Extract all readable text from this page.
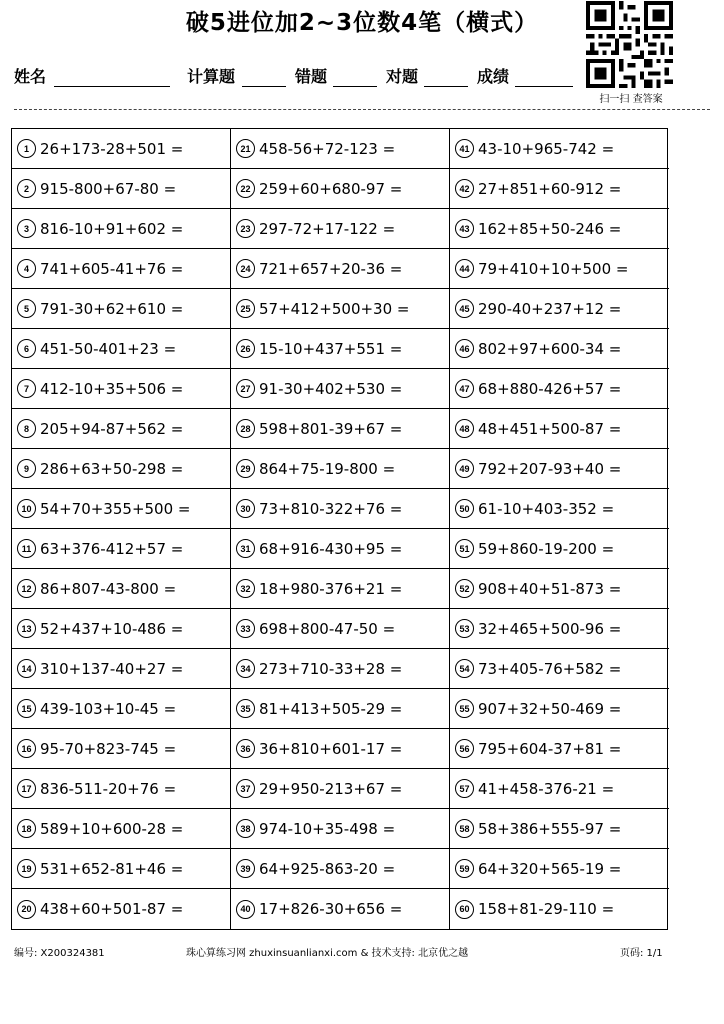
破5进位加2~3位数4笔（横式）
姓名	计算题	错题	对题	成绩
扫一扫 查答案
1 26+173-28+501 =	21 458-56+72-123 =	41 43-10+965-742 =
2 915-800+67-80 =	22 259+60+680-97 =	42 27+851+60-912 =
3 816-10+91+602 =	23 297-72+17-122 =	43 162+85+50-246 =
4 741+605-41+76 =	24 721+657+20-36 =	44 79+410+10+500 =
5 791-30+62+610 =	25 57+412+500+30 =	45 290-40+237+12 =
6 451-50-401+23 =	26 15-10+437+551 =	46 802+97+600-34 =
7 412-10+35+506 =	27 91-30+402+530 =	47 68+880-426+57 =
8 205+94-87+562 =	28 598+801-39+67 =	48 48+451+500-87 =
9 286+63+50-298 =	29 864+75-19-800 =	49 792+207-93+40 =
10 54+70+355+500 =	30 73+810-322+76 =	50 61-10+403-352 =
11 63+376-412+57 =	31 68+916-430+95 =	51 59+860-19-200 =
12 86+807-43-800 =	32 18+980-376+21 =	52 908+40+51-873 =
13 52+437+10-486 =	33 698+800-47-50 =	53 32+465+500-96 =
14 310+137-40+27 =	34 273+710-33+28 =	54 73+405-76+582 =
15 439-103+10-45 =	35 81+413+505-29 =	55 907+32+50-469 =
16 95-70+823-745 =	36 36+810+601-17 =	56 795+604-37+81 =
17 836-511-20+76 =	37 29+950-213+67 =	57 41+458-376-21 =
18 589+10+600-28 =	38 974-10+35-498 =	58 58+386+555-97 =
19 531+652-81+46 =	39 64+925-863-20 =	59 64+320+565-19 =
20 438+60+501-87 =	40 17+826-30+656 =	60 158+81-29-110 =
编号: X200324381	珠心算练习网 zhuxinsuanlianxi.com & 技术支持: 北京优之越	页码: 1/1
